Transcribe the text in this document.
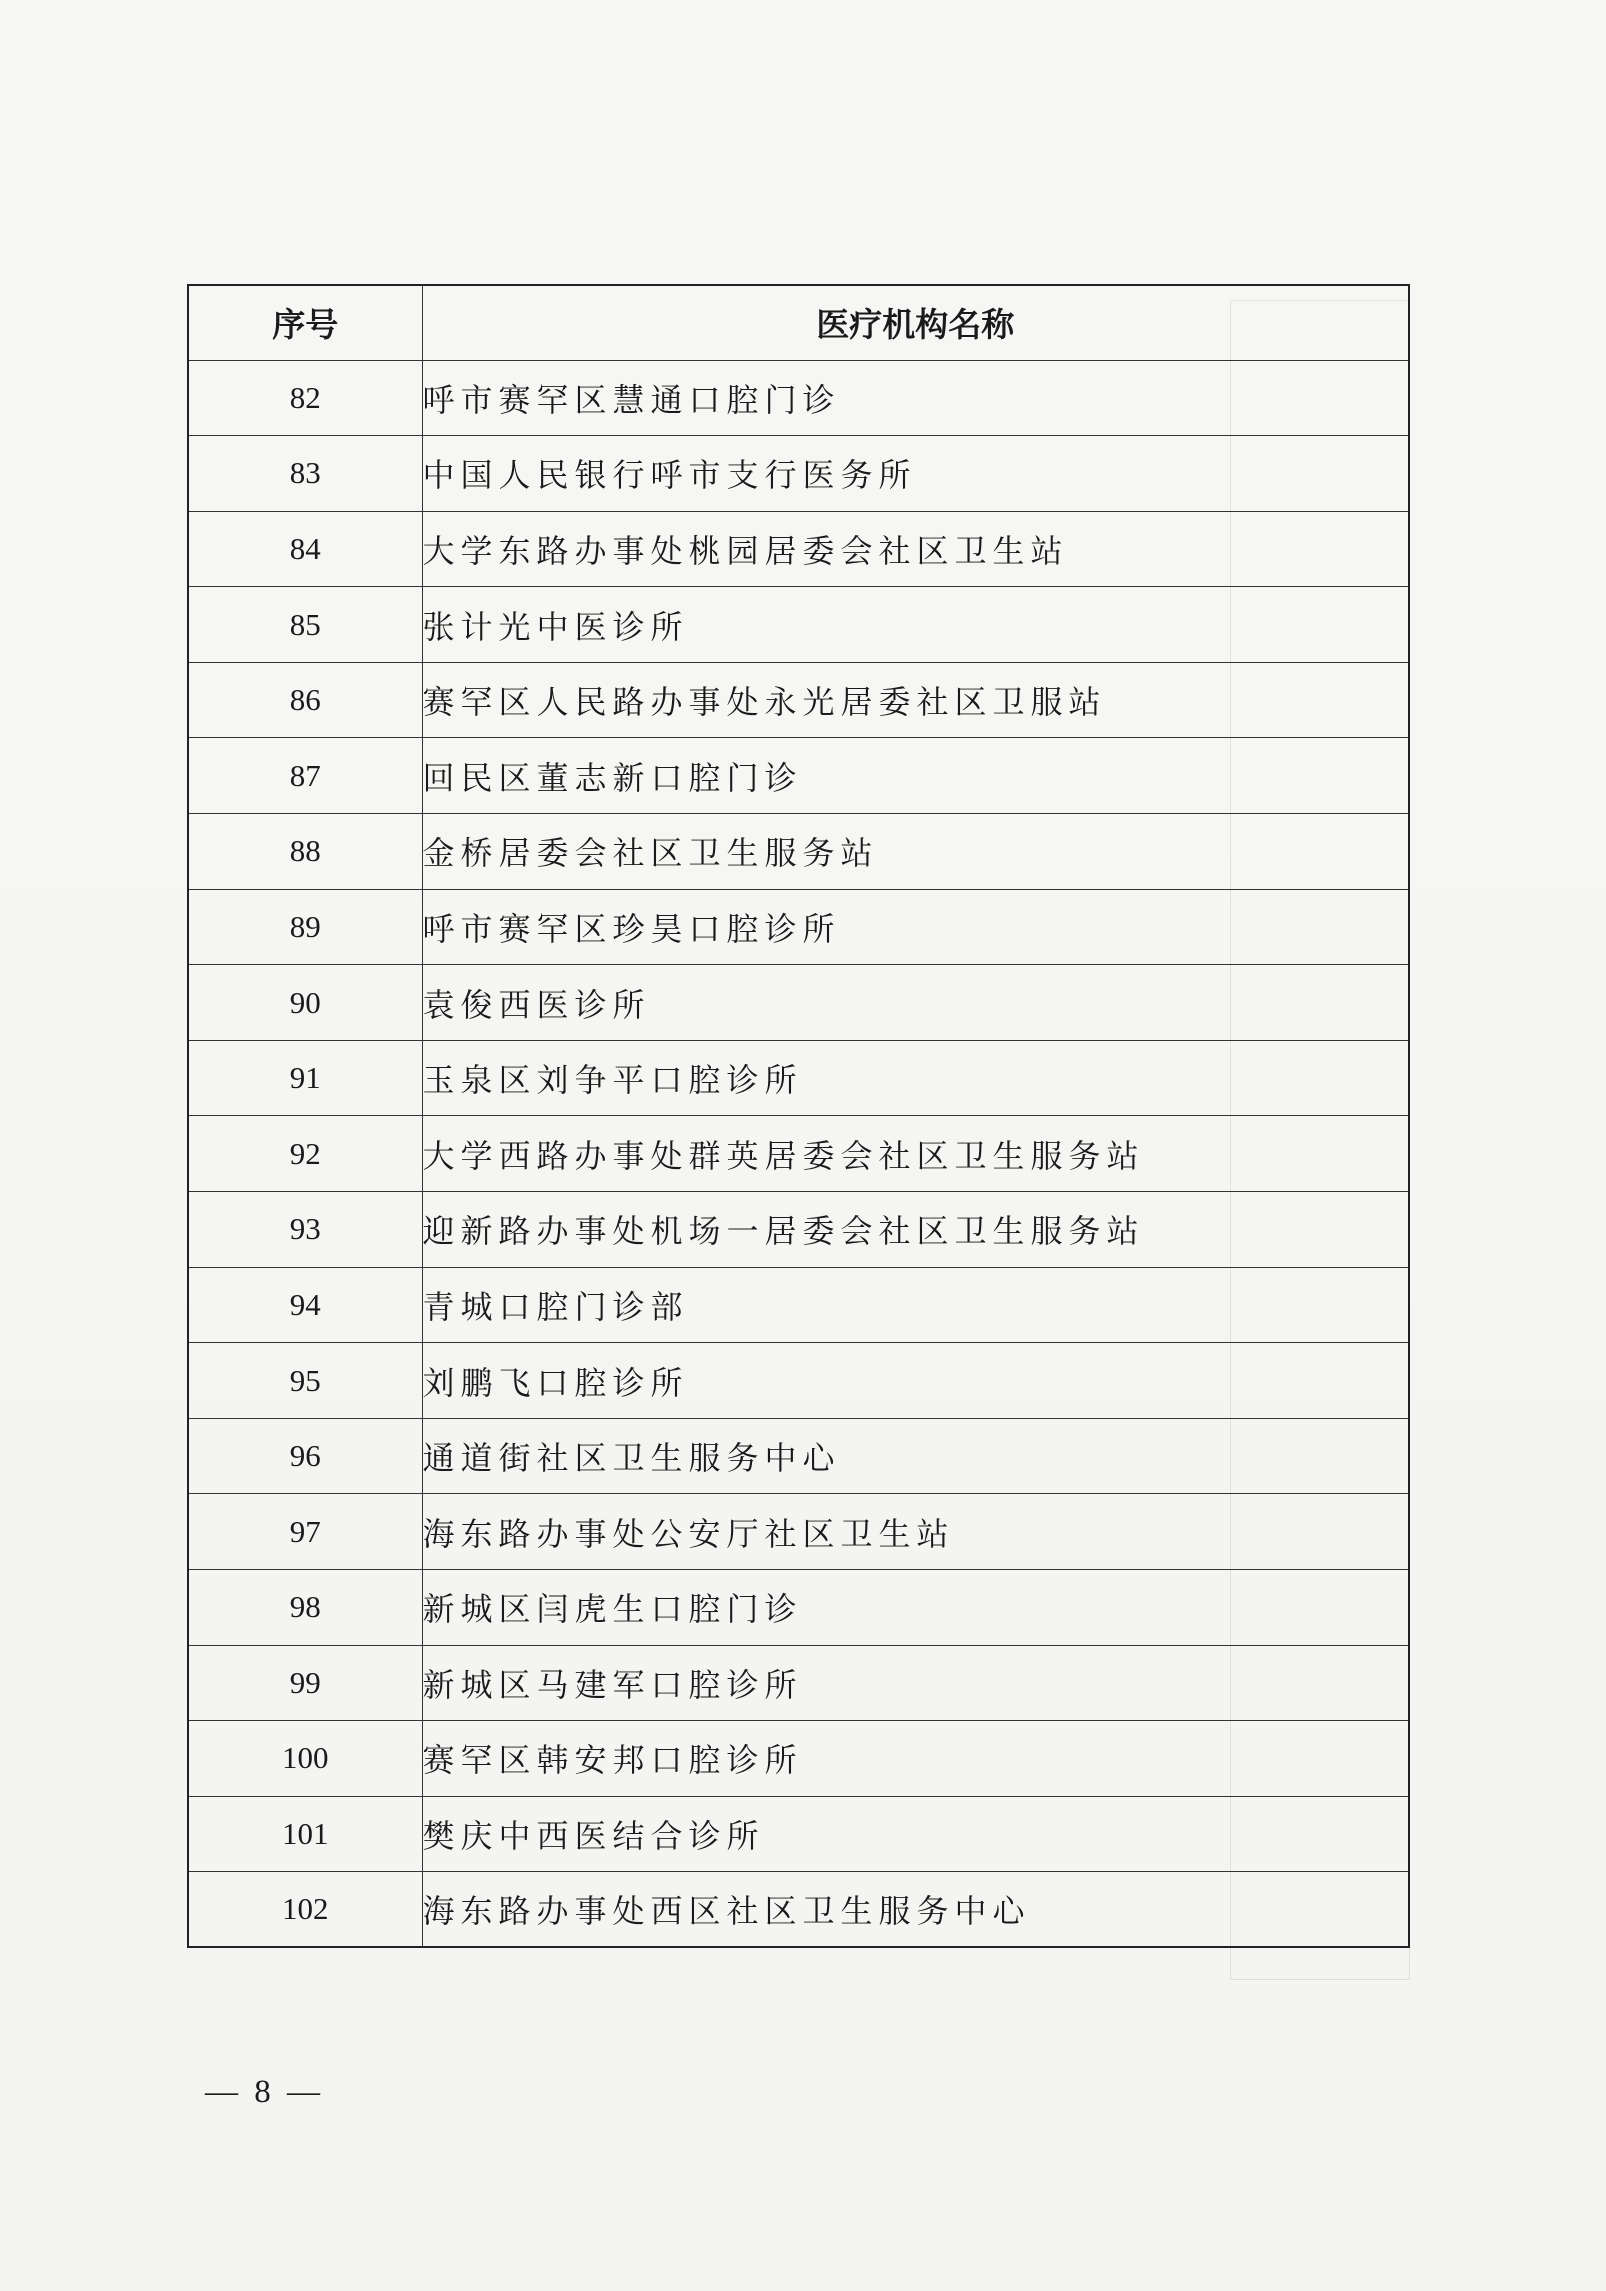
序号	医疗机构名称
82	呼市赛罕区慧通口腔门诊
83	中国人民银行呼市支行医务所
84	大学东路办事处桃园居委会社区卫生站
85	张计光中医诊所
86	赛罕区人民路办事处永光居委社区卫服站
87	回民区董志新口腔门诊
88	金桥居委会社区卫生服务站
89	呼市赛罕区珍昊口腔诊所
90	袁俊西医诊所
91	玉泉区刘争平口腔诊所
92	大学西路办事处群英居委会社区卫生服务站
93	迎新路办事处机场一居委会社区卫生服务站
94	青城口腔门诊部
95	刘鹏飞口腔诊所
96	通道街社区卫生服务中心
97	海东路办事处公安厅社区卫生站
98	新城区闫虎生口腔门诊
99	新城区马建军口腔诊所
100	赛罕区韩安邦口腔诊所
101	樊庆中西医结合诊所
102	海东路办事处西区社区卫生服务中心
— 8 —
